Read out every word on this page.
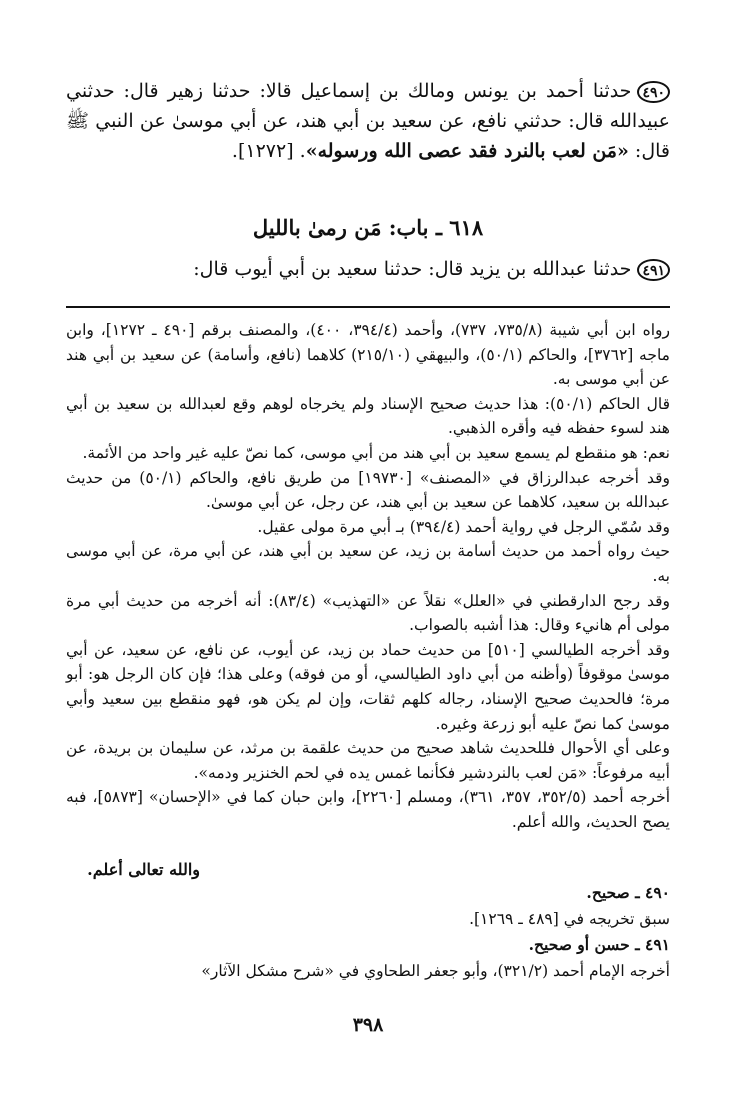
٤٩٠حدثنا أحمد بن يونس ومالك بن إسماعيل قالا: حدثنا زهير قال: حدثني عبيدالله قال: حدثني نافع، عن سعيد بن أبي هند، عن أبي موسىٰ عن النبي ﷺ قال: «مَن لعب بالنرد فقد عصى الله ورسوله». [١٢٧٢].

٦١٨ ـ باب: مَن رمىٰ بالليل

٤٩١حدثنا عبدالله بن يزيد قال: حدثنا سعيد بن أبي أيوب قال:

رواه ابن أبي شيبة (٧٣٥/٨، ٧٣٧)، وأحمد (٣٩٤/٤، ٤٠٠)، والمصنف برقم [٤٩٠ ـ ١٢٧٢]، وابن ماجه [٣٧٦٢]، والحاكم (٥٠/١)، والبيهقي (٢١٥/١٠) كلاهما (نافع، وأسامة) عن سعيد بن أبي هند عن أبي موسى به.

قال الحاكم (٥٠/١): هذا حديث صحيح الإسناد ولم يخرجاه لوهم وقع لعبدالله بن سعيد بن أبي هند لسوء حفظه فيه وأقره الذهبي.

نعم: هو منقطع لم يسمع سعيد بن أبي هند من أبي موسى، كما نصّ عليه غير واحد من الأئمة.

وقد أخرجه عبدالرزاق في «المصنف» [١٩٧٣٠] من طريق نافع، والحاكم (٥٠/١) من حديث عبدالله بن سعيد، كلاهما عن سعيد بن أبي هند، عن رجل، عن أبي موسىٰ.

وقد سُمّي الرجل في رواية أحمد (٣٩٤/٤) بـ أبي مرة مولى عقيل.

حيث رواه أحمد من حديث أسامة بن زيد، عن سعيد بن أبي هند، عن أبي مرة، عن أبي موسى به.

وقد رجح الدارقطني في «العلل» نقلاً عن «التهذيب» (٨٣/٤): أنه أخرجه من حديث أبي مرة مولى أم هانيء وقال: هذا أشبه بالصواب.

وقد أخرجه الطيالسي [٥١٠] من حديث حماد بن زيد، عن أيوب، عن نافع، عن سعيد، عن أبي موسىٰ موقوفاً (وأظنه من أبي داود الطيالسي، أو من فوقه) وعلى هذا؛ فإن كان الرجل هو: أبو مرة؛ فالحديث صحيح الإسناد، رجاله كلهم ثقات، وإن لم يكن هو، فهو منقطع بين سعيد وأبي موسىٰ كما نصّ عليه أبو زرعة وغيره.

وعلى أي الأحوال فللحديث شاهد صحيح من حديث علقمة بن مرثد، عن سليمان بن بريدة، عن أبيه مرفوعاً: «مَن لعب بالنردشير فكأنما غمس يده في لحم الخنزير ودمه».

أخرجه أحمد (٣٥٢/٥، ٣٥٧، ٣٦١)، ومسلم [٢٢٦٠]، وابن حبان كما في «الإحسان» [٥٨٧٣]، فبه يصح الحديث، والله أعلم.

والله تعالى أعلم.

٤٩٠ ـ صحيح.

سبق تخريجه في [٤٨٩ ـ ١٢٦٩].

٤٩١ ـ حسن أو صحيح.

أخرجه الإمام أحمد (٣٢١/٢)، وأبو جعفر الطحاوي في «شرح مشكل الآثار»

٣٩٨
